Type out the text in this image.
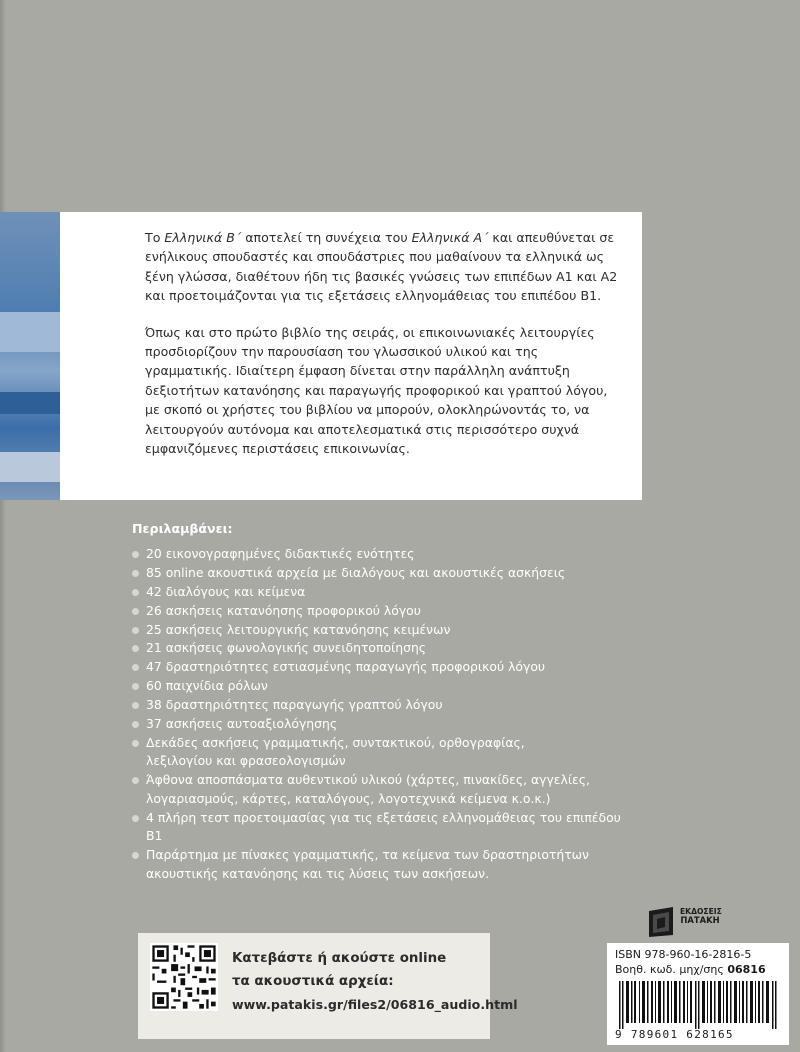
Το Ελληνικά Β΄ αποτελεί τη συνέχεια του Ελληνικά Α΄ και απευθύνεται σε ενήλικους σπουδαστές και σπουδάστριες που μαθαίνουν τα ελληνικά ως ξένη γλώσσα, διαθέτουν ήδη τις βασικές γνώσεις των επιπέδων Α1 και Α2 και προετοιμάζονται για τις εξετάσεις ελληνομάθειας του επιπέδου Β1.

Όπως και στο πρώτο βιβλίο της σειράς, οι επικοινωνιακές λειτουργίες προσδιορίζουν την παρουσίαση του γλωσσικού υλικού και της γραμματικής. Ιδιαίτερη έμφαση δίνεται στην παράλληλη ανάπτυξη δεξιοτήτων κατανόησης και παραγωγής προφορικού και γραπτού λόγου, με σκοπό οι χρήστες του βιβλίου να μπορούν, ολοκληρώνοντάς το, να λειτουργούν αυτόνομα και αποτελεσματικά στις περισσότερο συχνά εμφανιζόμενες περιστάσεις επικοινωνίας.

Περιλαμβάνει:
20 εικονογραφημένες διδακτικές ενότητες
85 online ακουστικά αρχεία με διαλόγους και ακουστικές ασκήσεις
42 διαλόγους και κείμενα
26 ασκήσεις κατανόησης προφορικού λόγου
25 ασκήσεις λειτουργικής κατανόησης κειμένων
21 ασκήσεις φωνολογικής συνειδητοποίησης
47 δραστηριότητες εστιασμένης παραγωγής προφορικού λόγου
60 παιχνίδια ρόλων
38 δραστηριότητες παραγωγής γραπτού λόγου
37 ασκήσεις αυτοαξιολόγησης
Δεκάδες ασκήσεις γραμματικής, συντακτικού, ορθογραφίας, λεξιλογίου και φρασεολογισμών
Άφθονα αποσπάσματα αυθεντικού υλικού (χάρτες, πινακίδες, αγγελίες, λογαριασμούς, κάρτες, καταλόγους, λογοτεχνικά κείμενα κ.ο.κ.)
4 πλήρη τεστ προετοιμασίας για τις εξετάσεις ελληνομάθειας του επιπέδου Β1
Παράρτημα με πίνακες γραμματικής, τα κείμενα των δραστηριοτήτων ακουστικής κατανόησης και τις λύσεις των ασκήσεων.
Κατεβάστε ή ακούστε online
τα ακουστικά αρχεία:
www.patakis.gr/files2/06816_audio.html
ΕΚΔΟΣΕΙΣ
ΠΑΤΑΚΗ
ISBN 978-960-16-2816-5
Βοηθ. κωδ. μηχ/σης 06816
9 789601 628165
